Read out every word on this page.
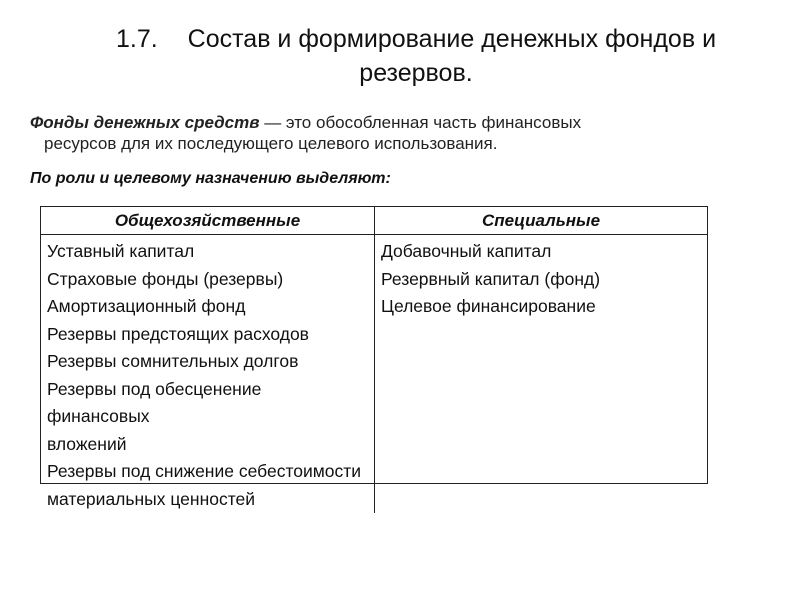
1.7. Состав и формирование денежных фондов и
резервов.
Фонды денежных средств — это обособленная часть финансовых
ресурсов для их последующего целевого использования.
По роли и целевому назначению выделяют:
Общехозяйственные	Специальные
Уставный капитал
Страховые фонды (резервы)
Амортизационный фонд
Резервы предстоящих расходов
Резервы сомнительных долгов
Резервы под обесценение финансовых
вложений
Резервы под снижение себестоимости
материальных ценностей
Добавочный капитал
Резервный капитал (фонд)
Целевое финансирование
